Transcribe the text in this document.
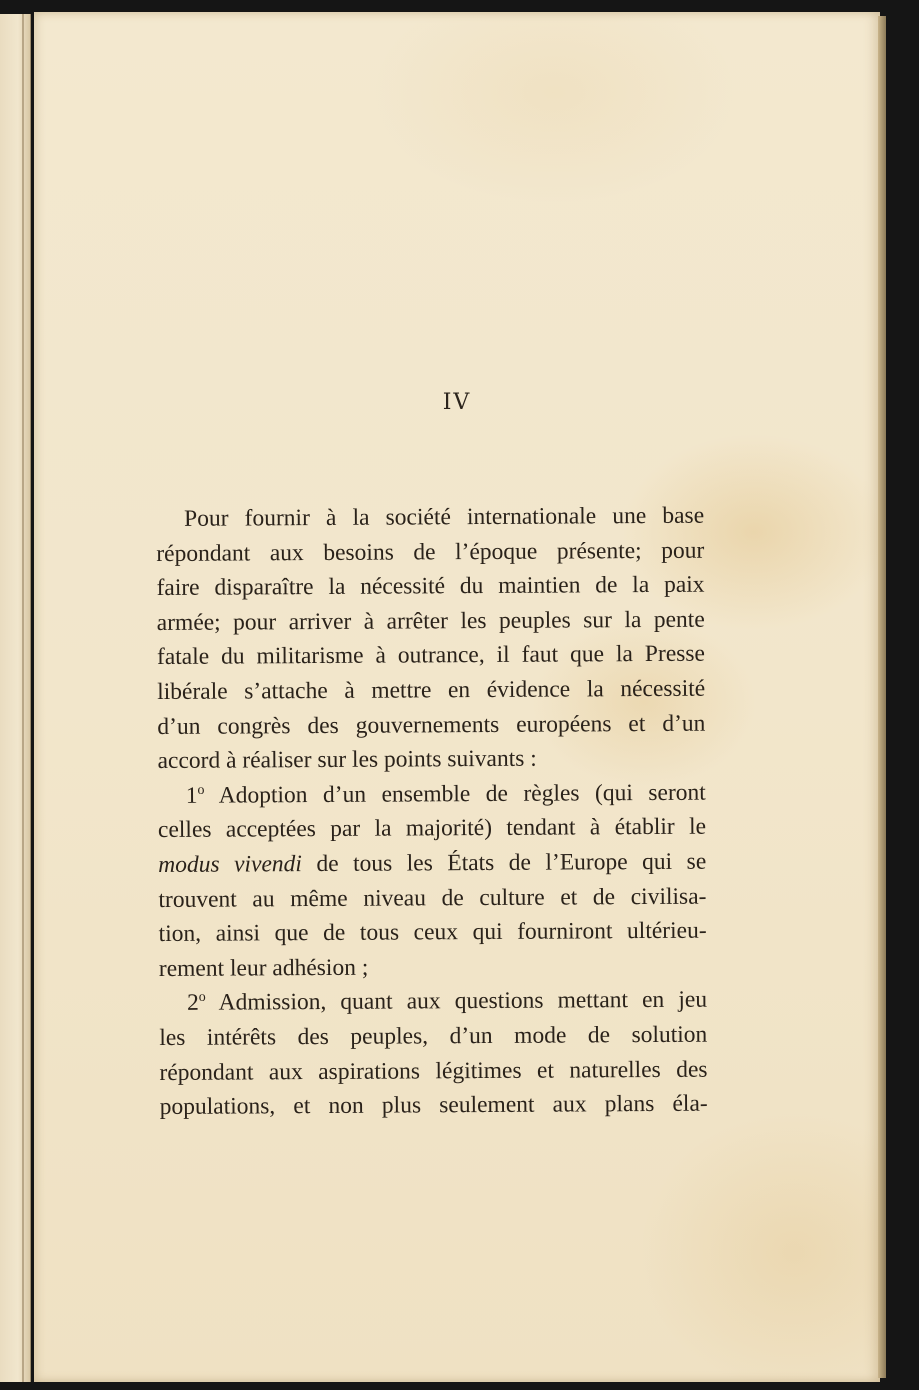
IV
Pour fournir à la société internationale une base
répondant aux besoins de l’époque présente; pour
faire disparaître la nécessité du maintien de la paix
armée; pour arriver à arrêter les peuples sur la pente
fatale du militarisme à outrance, il faut que la Presse
libérale s’attache à mettre en évidence la nécessité
d’un congrès des gouvernements européens et d’un
accord à réaliser sur les points suivants :
1$^o$ Adoption d’un ensemble de règles (qui seront
celles acceptées par la majorité) tendant à établir le
modus vivendi de tous les États de l’Europe qui se
trouvent au même niveau de culture et de civilisa-
tion, ainsi que de tous ceux qui fourniront ultérieu-
rement leur adhésion ;
2$^o$ Admission, quant aux questions mettant en jeu
les intérêts des peuples, d’un mode de solution
répondant aux aspirations légitimes et naturelles des
populations, et non plus seulement aux plans éla-
